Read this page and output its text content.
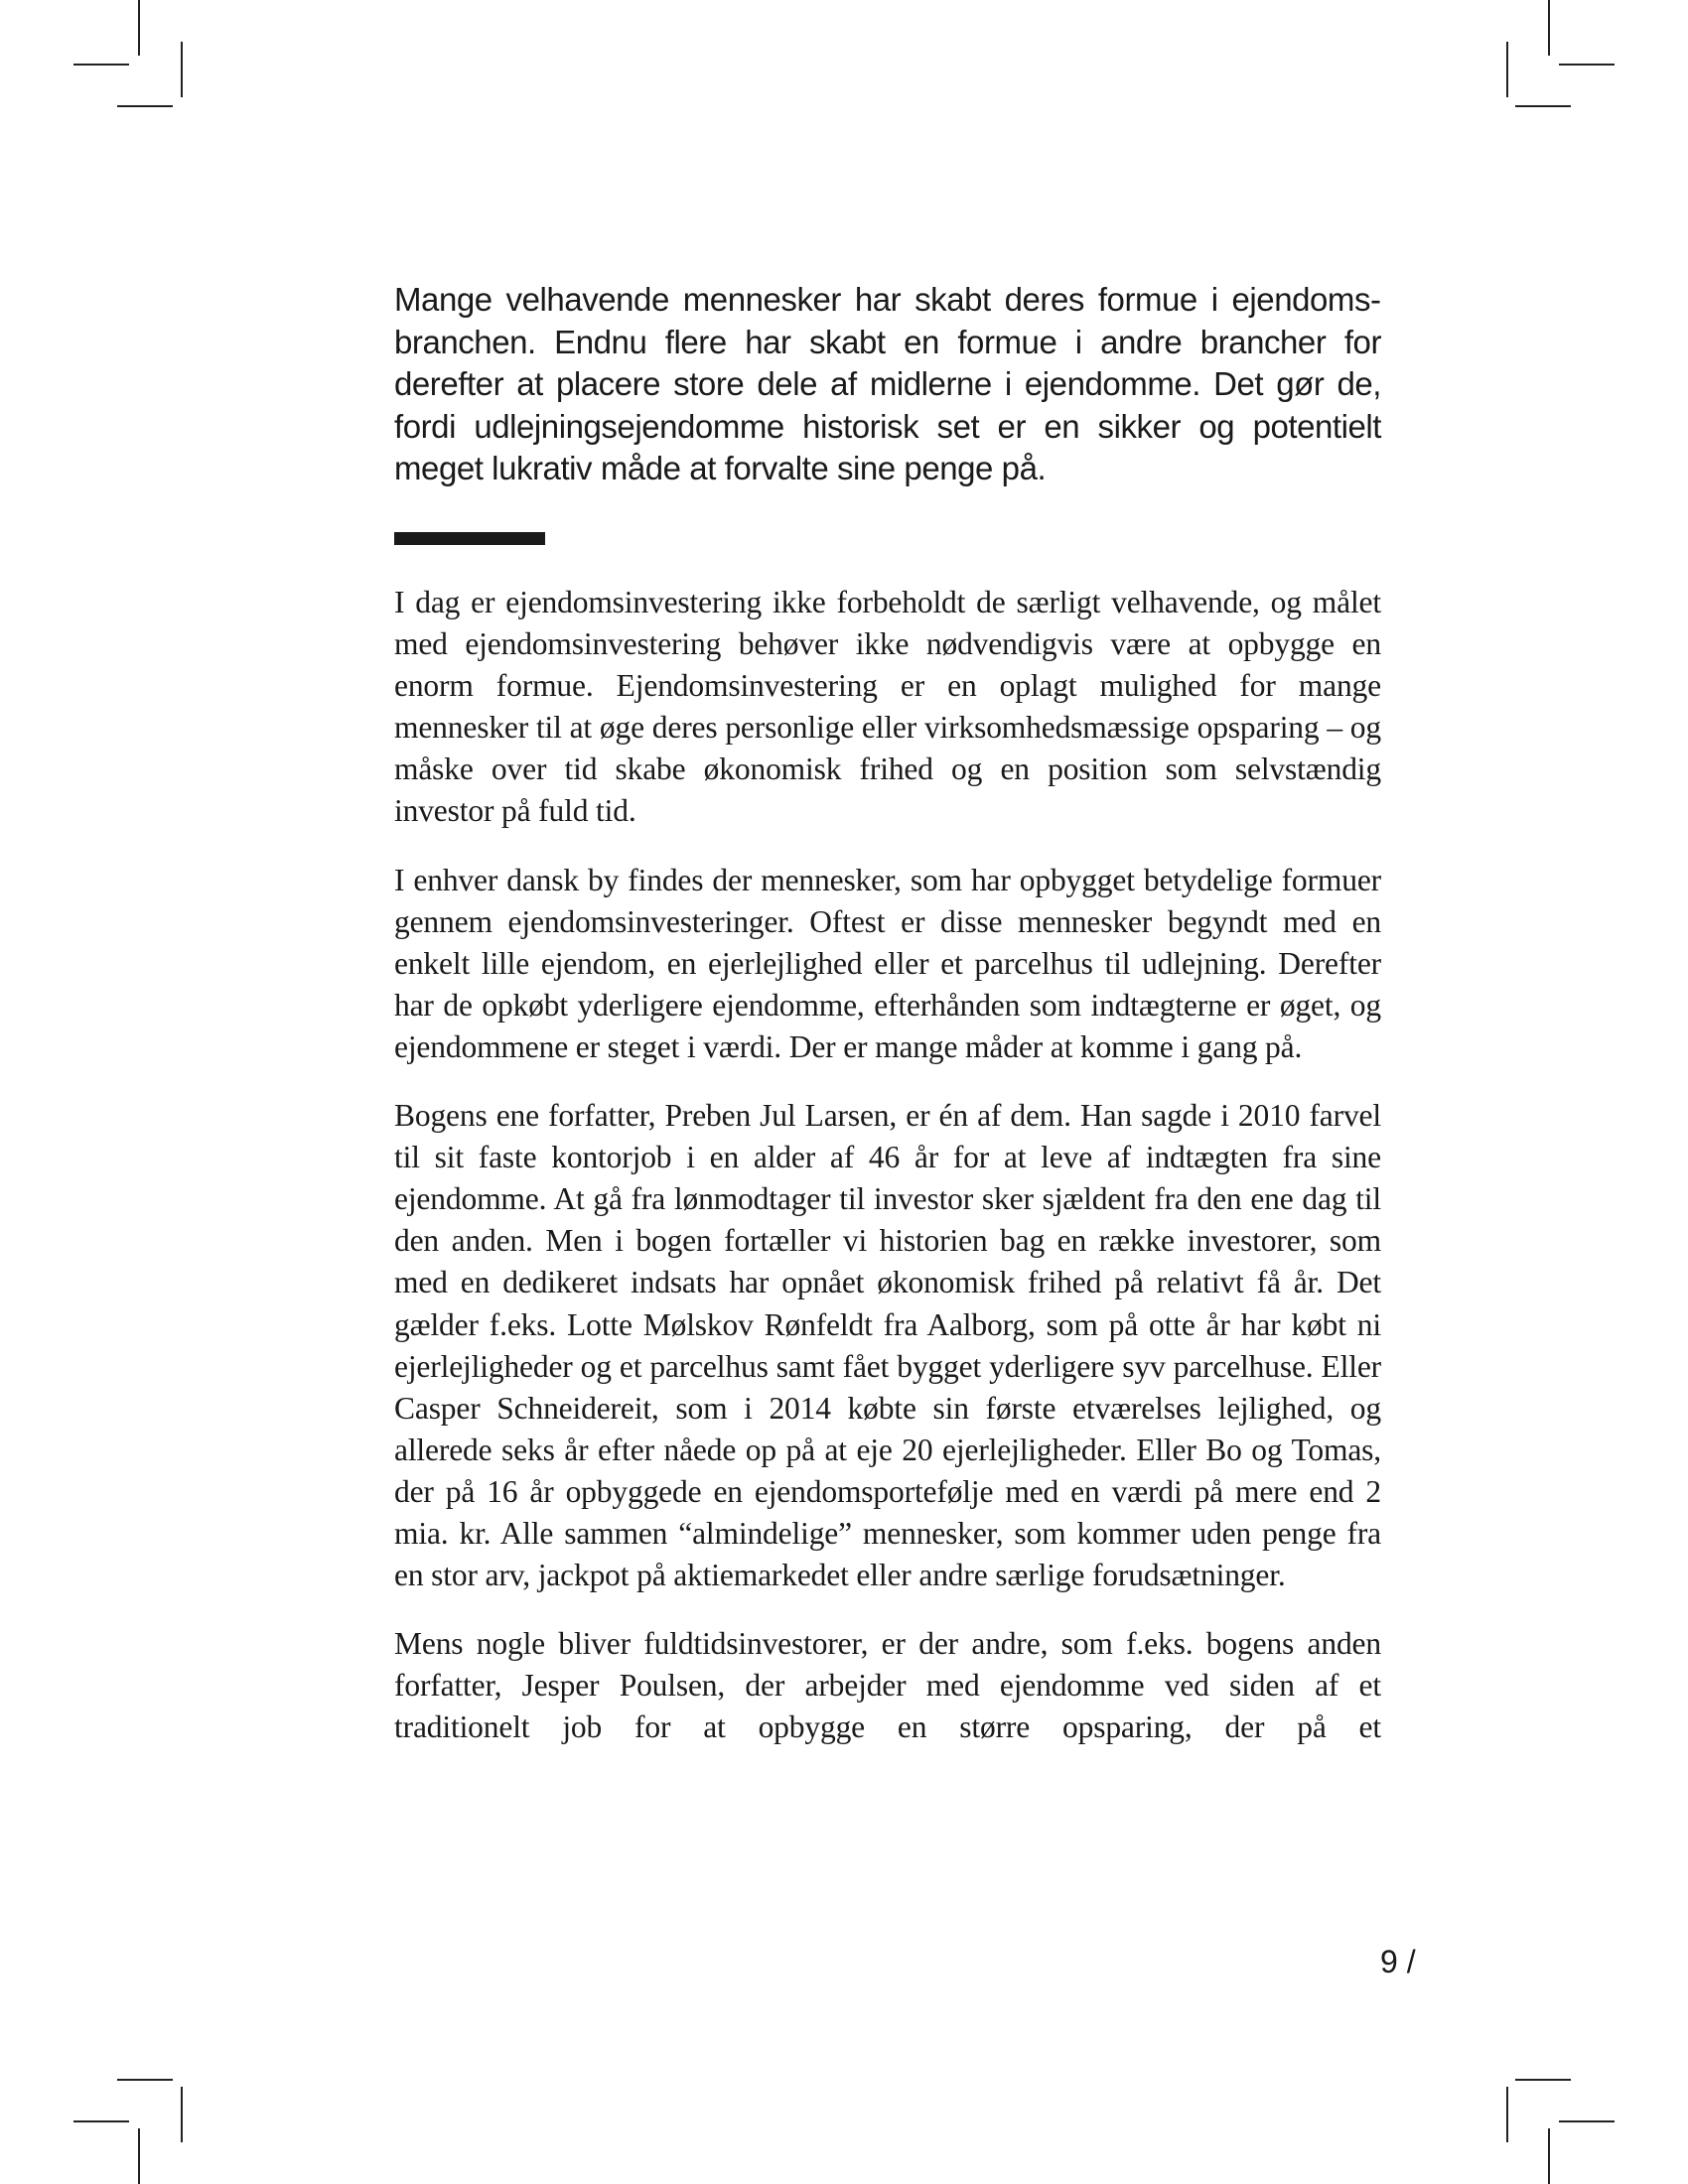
Mange velhavende mennesker har skabt deres formue i ejendomsbranchen. Endnu flere har skabt en formue i andre brancher for derefter at placere store dele af midlerne i ejendomme. Det gør de, fordi udlejningsejendomme historisk set er en sikker og potentielt meget lukrativ måde at forvalte sine penge på.

I dag er ejendomsinvestering ikke forbeholdt de særligt velhavende, og målet med ejendomsinvestering behøver ikke nødvendigvis være at opbygge en enorm formue. Ejendomsinvestering er en oplagt mulighed for mange mennesker til at øge deres personlige eller virksomhedsmæssige opsparing – og måske over tid skabe økonomisk frihed og en position som selvstændig investor på fuld tid.

I enhver dansk by findes der mennesker, som har opbygget betydelige formuer gennem ejendomsinvesteringer. Oftest er disse mennesker begyndt med en enkelt lille ejendom, en ejerlejlighed eller et parcelhus til udlejning. Derefter har de opkøbt yderligere ejendomme, efterhånden som indtægterne er øget, og ejendommene er steget i værdi. Der er mange måder at komme i gang på.

Bogens ene forfatter, Preben Jul Larsen, er én af dem. Han sagde i 2010 farvel til sit faste kontorjob i en alder af 46 år for at leve af indtægten fra sine ejendomme. At gå fra lønmodtager til investor sker sjældent fra den ene dag til den anden. Men i bogen fortæller vi historien bag en række investorer, som med en dedikeret indsats har opnået økonomisk frihed på relativt få år. Det gælder f.eks. Lotte Mølskov Rønfeldt fra Aalborg, som på otte år har købt ni ejerlejligheder og et parcelhus samt fået bygget yderligere syv parcelhuse. Eller Casper Schneidereit, som i 2014 købte sin første etværelses lejlighed, og allerede seks år efter nåede op på at eje 20 ejerlejligheder. Eller Bo og Tomas, der på 16 år opbyggede en ejendomsportefølje med en værdi på mere end 2 mia. kr. Alle sammen “almindelige” mennesker, som kommer uden penge fra en stor arv, jackpot på aktiemarkedet eller andre særlige forudsætninger.

Mens nogle bliver fuldtidsinvestorer, er der andre, som f.eks. bogens anden forfatter, Jesper Poulsen, der arbejder med ejendomme ved siden af et traditionelt job for at opbygge en større opsparing, der på et

9 /
